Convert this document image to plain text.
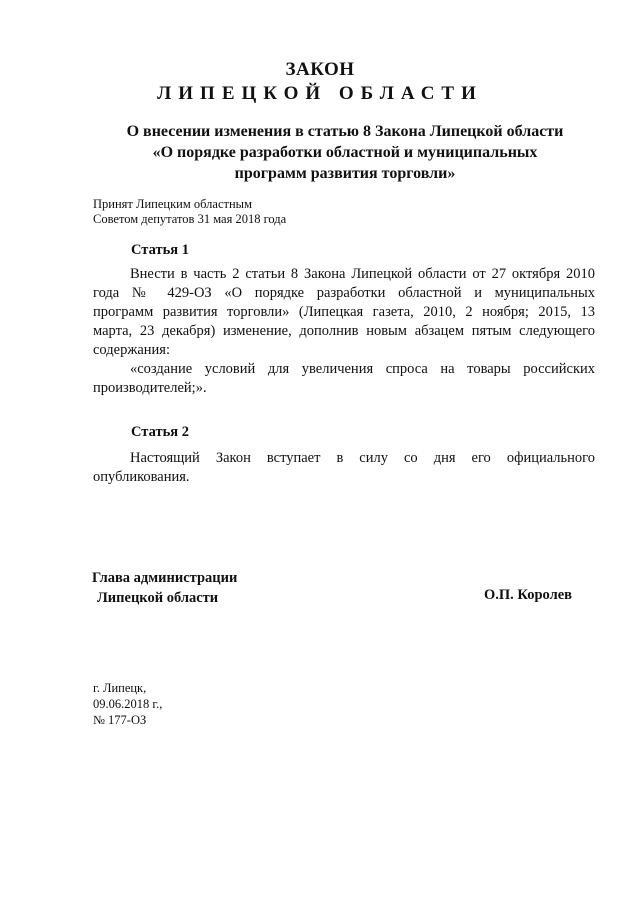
ЗАКОН
ЛИПЕЦКОЙ ОБЛАСТИ
О внесении изменения в статью 8 Закона Липецкой области
«О порядке разработки областной и муниципальных
программ развития торговли»
Принят Липецким областным
Советом депутатов 31 мая 2018 года
Статья 1
Внести в часть 2 статьи 8 Закона Липецкой области от 27 октября 2010
года № 429-ОЗ «О порядке разработки областной и муниципальных
программ развития торговли» (Липецкая газета, 2010, 2 ноября; 2015, 13
марта, 23 декабря) изменение, дополнив новым абзацем пятым следующего
содержания:
«создание условий для увеличения спроса на товары российских
производителей;».
Статья 2
Настоящий Закон вступает в силу со дня его официального
опубликования.
Глава администрации
Липецкой области	О.П. Королев
г. Липецк,
09.06.2018 г.,
№ 177-ОЗ
